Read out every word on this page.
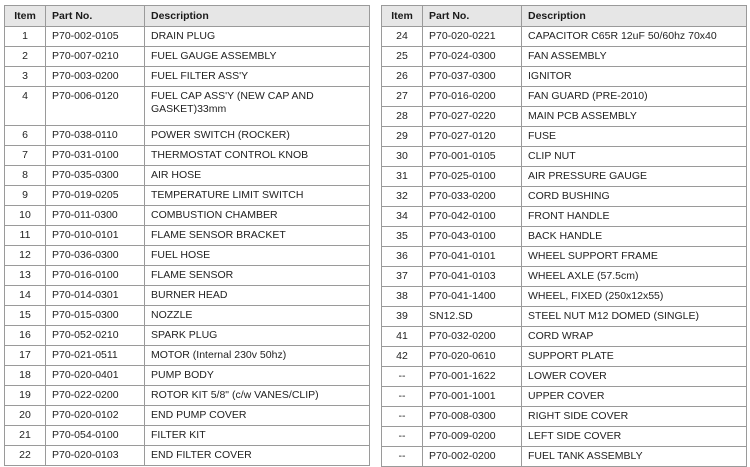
Item	Part No.	Description
1	P70-002-0105	DRAIN PLUG
2	P70-007-0210	FUEL GAUGE ASSEMBLY
3	P70-003-0200	FUEL FILTER ASS'Y
4	P70-006-0120	FUEL CAP ASS'Y (NEW CAP AND GASKET)33mm
6	P70-038-0110	POWER SWITCH (ROCKER)
7	P70-031-0100	THERMOSTAT CONTROL KNOB
8	P70-035-0300	AIR HOSE
9	P70-019-0205	TEMPERATURE LIMIT SWITCH
10	P70-011-0300	COMBUSTION CHAMBER
11	P70-010-0101	FLAME SENSOR BRACKET
12	P70-036-0300	FUEL HOSE
13	P70-016-0100	FLAME SENSOR
14	P70-014-0301	BURNER HEAD
15	P70-015-0300	NOZZLE
16	P70-052-0210	SPARK PLUG
17	P70-021-0511	MOTOR (Internal 230v 50hz)
18	P70-020-0401	PUMP BODY
19	P70-022-0200	ROTOR KIT 5/8" (c/w VANES/CLIP)
20	P70-020-0102	END PUMP COVER
21	P70-054-0100	FILTER KIT
22	P70-020-0103	END FILTER COVER
Item	Part No.	Description
24	P70-020-0221	CAPACITOR C65R 12uF 50/60hz 70x40
25	P70-024-0300	FAN ASSEMBLY
26	P70-037-0300	IGNITOR
27	P70-016-0200	FAN GUARD (PRE-2010)
28	P70-027-0220	MAIN PCB ASSEMBLY
29	P70-027-0120	FUSE
30	P70-001-0105	CLIP NUT
31	P70-025-0100	AIR PRESSURE GAUGE
32	P70-033-0200	CORD BUSHING
34	P70-042-0100	FRONT HANDLE
35	P70-043-0100	BACK HANDLE
36	P70-041-0101	WHEEL SUPPORT FRAME
37	P70-041-0103	WHEEL AXLE (57.5cm)
38	P70-041-1400	WHEEL, FIXED (250x12x55)
39	SN12.SD	STEEL NUT M12 DOMED (SINGLE)
41	P70-032-0200	CORD WRAP
42	P70-020-0610	SUPPORT PLATE
--	P70-001-1622	LOWER COVER
--	P70-001-1001	UPPER COVER
--	P70-008-0300	RIGHT SIDE COVER
--	P70-009-0200	LEFT SIDE COVER
--	P70-002-0200	FUEL TANK ASSEMBLY
